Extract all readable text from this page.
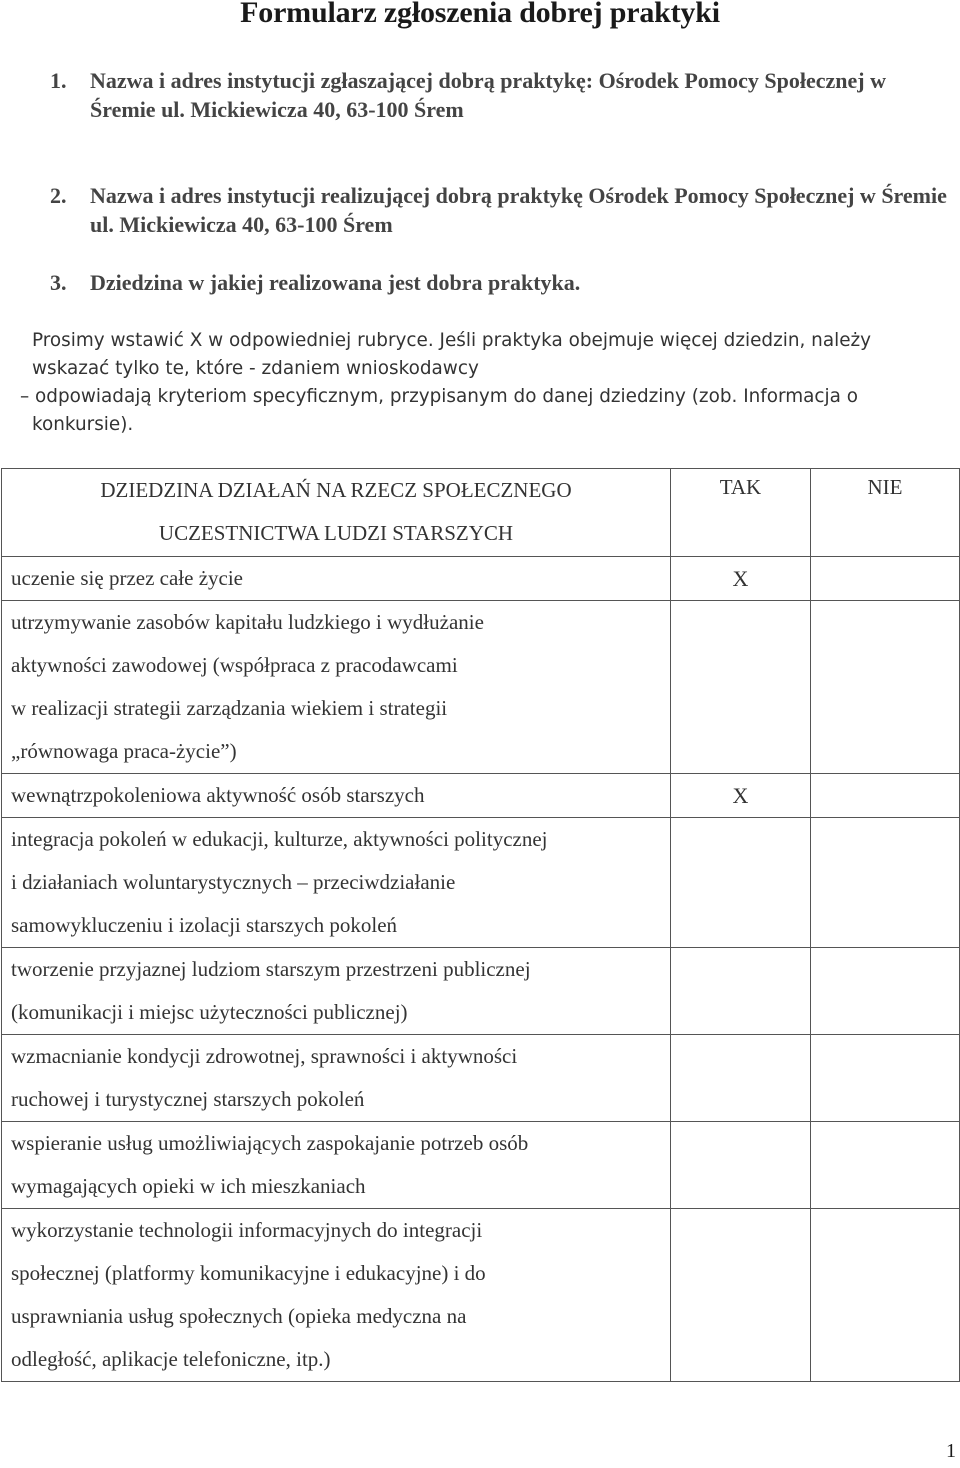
Formularz zgłoszenia dobrej praktyki
1.	Nazwa i adres instytucji zgłaszającej dobrą praktykę: Ośrodek Pomocy Społecznej w Śremie ul. Mickiewicza 40, 63-100 Śrem
2.	Nazwa i adres instytucji realizującej dobrą praktykę Ośrodek Pomocy Społecznej w Śremie ul. Mickiewicza 40, 63-100 Śrem
3.	Dziedzina w jakiej realizowana jest dobra praktyka.
Prosimy wstawić X w odpowiedniej rubryce. Jeśli praktyka obejmuje więcej dziedzin, należy
wskazać tylko te, które - zdaniem wnioskodawcy
– odpowiadają kryteriom specyficznym, przypisanym do danej dziedziny (zob. Informacja o
konkursie).
DZIEDZINA DZIAŁAŃ NA RZECZ SPOŁECZNEGO
UCZESTNICTWA LUDZI STARSZYCH	TAK	NIE

uczenie się przez całe życie	X	

utrzymywanie zasobów kapitału ludzkiego i wydłużanie
aktywności zawodowej (współpraca z pracodawcami
w realizacji strategii zarządzania wiekiem i strategii
„równowaga praca-życie”)		

wewnątrzpokoleniowa aktywność osób starszych	X	

integracja pokoleń w edukacji, kulturze, aktywności politycznej
i działaniach woluntarystycznych – przeciwdziałanie
samowykluczeniu i izolacji starszych pokoleń		

tworzenie przyjaznej ludziom starszym przestrzeni publicznej
(komunikacji i miejsc użyteczności publicznej)		

wzmacnianie kondycji zdrowotnej, sprawności i aktywności
ruchowej i turystycznej starszych pokoleń		

wspieranie usług umożliwiających zaspokajanie potrzeb osób
wymagających opieki w ich mieszkaniach		

wykorzystanie technologii informacyjnych do integracji
społecznej (platformy komunikacyjne i edukacyjne) i do
usprawniania usług społecznych (opieka medyczna na
odległość, aplikacje telefoniczne, itp.)		

1
